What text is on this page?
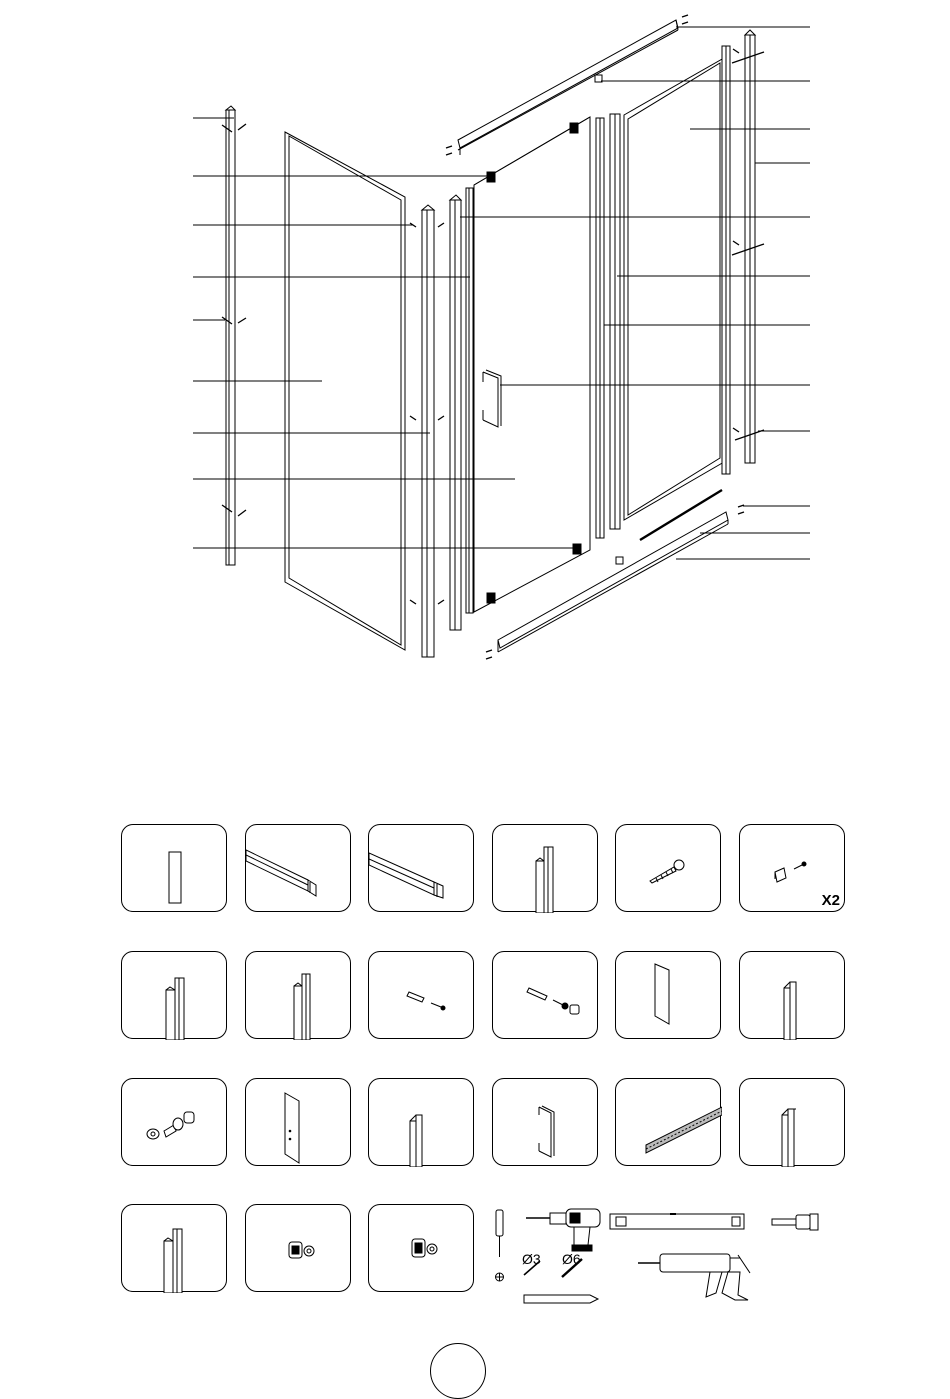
X2
Ø3 Ø6
